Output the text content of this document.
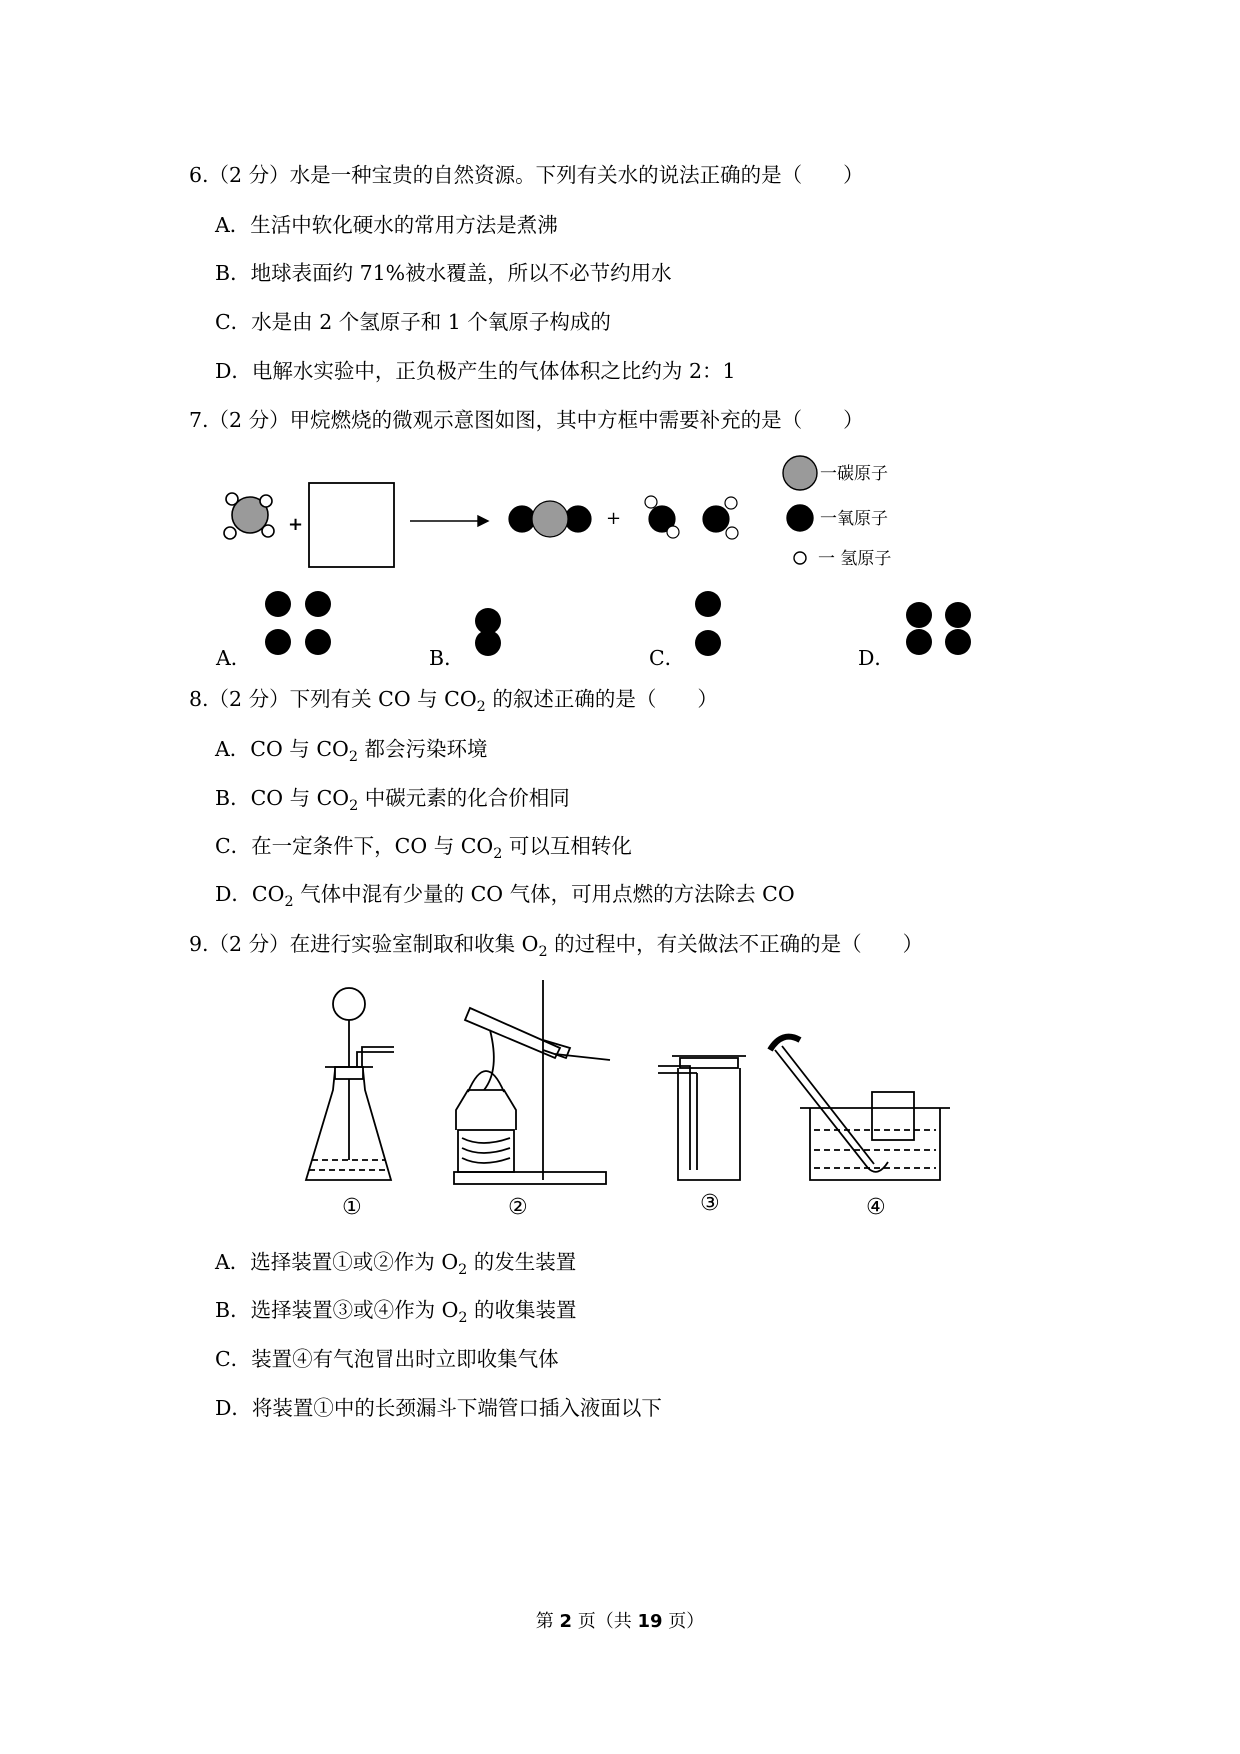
6.（2 分）水是一种宝贵的自然资源。下列有关水的说法正确的是（　　）
A．生活中软化硬水的常用方法是煮沸
B．地球表面约 71%被水覆盖，所以不必节约用水
C．水是由 2 个氢原子和 1 个氧原子构成的
D．电解水实验中，正负极产生的气体体积之比约为 2：1
7.（2 分）甲烷燃烧的微观示意图如图，其中方框中需要补充的是（　　）
+	+
一碳原子
一氧原子
一 氢原子
A．	B．	C．	D．
8.（2 分）下列有关 CO 与 $CO_2$ 的叙述正确的是（　　）
A．CO 与 $CO_2$ 都会污染环境
B．CO 与 $CO_2$ 中碳元素的化合价相同
C．在一定条件下，CO 与 $CO_2$ 可以互相转化
D．$CO_2$ 气体中混有少量的 CO 气体，可用点燃的方法除去 CO
9.（2 分）在进行实验室制取和收集 $O_2$ 的过程中，有关做法不正确的是（　　）
①	②	③	④
A．选择装置①或②作为 $O_2$ 的发生装置
B．选择装置③或④作为 $O_2$ 的收集装置
C．装置④有气泡冒出时立即收集气体
D．将装置①中的长颈漏斗下端管口插入液面以下
第 2 页（共 19 页）
